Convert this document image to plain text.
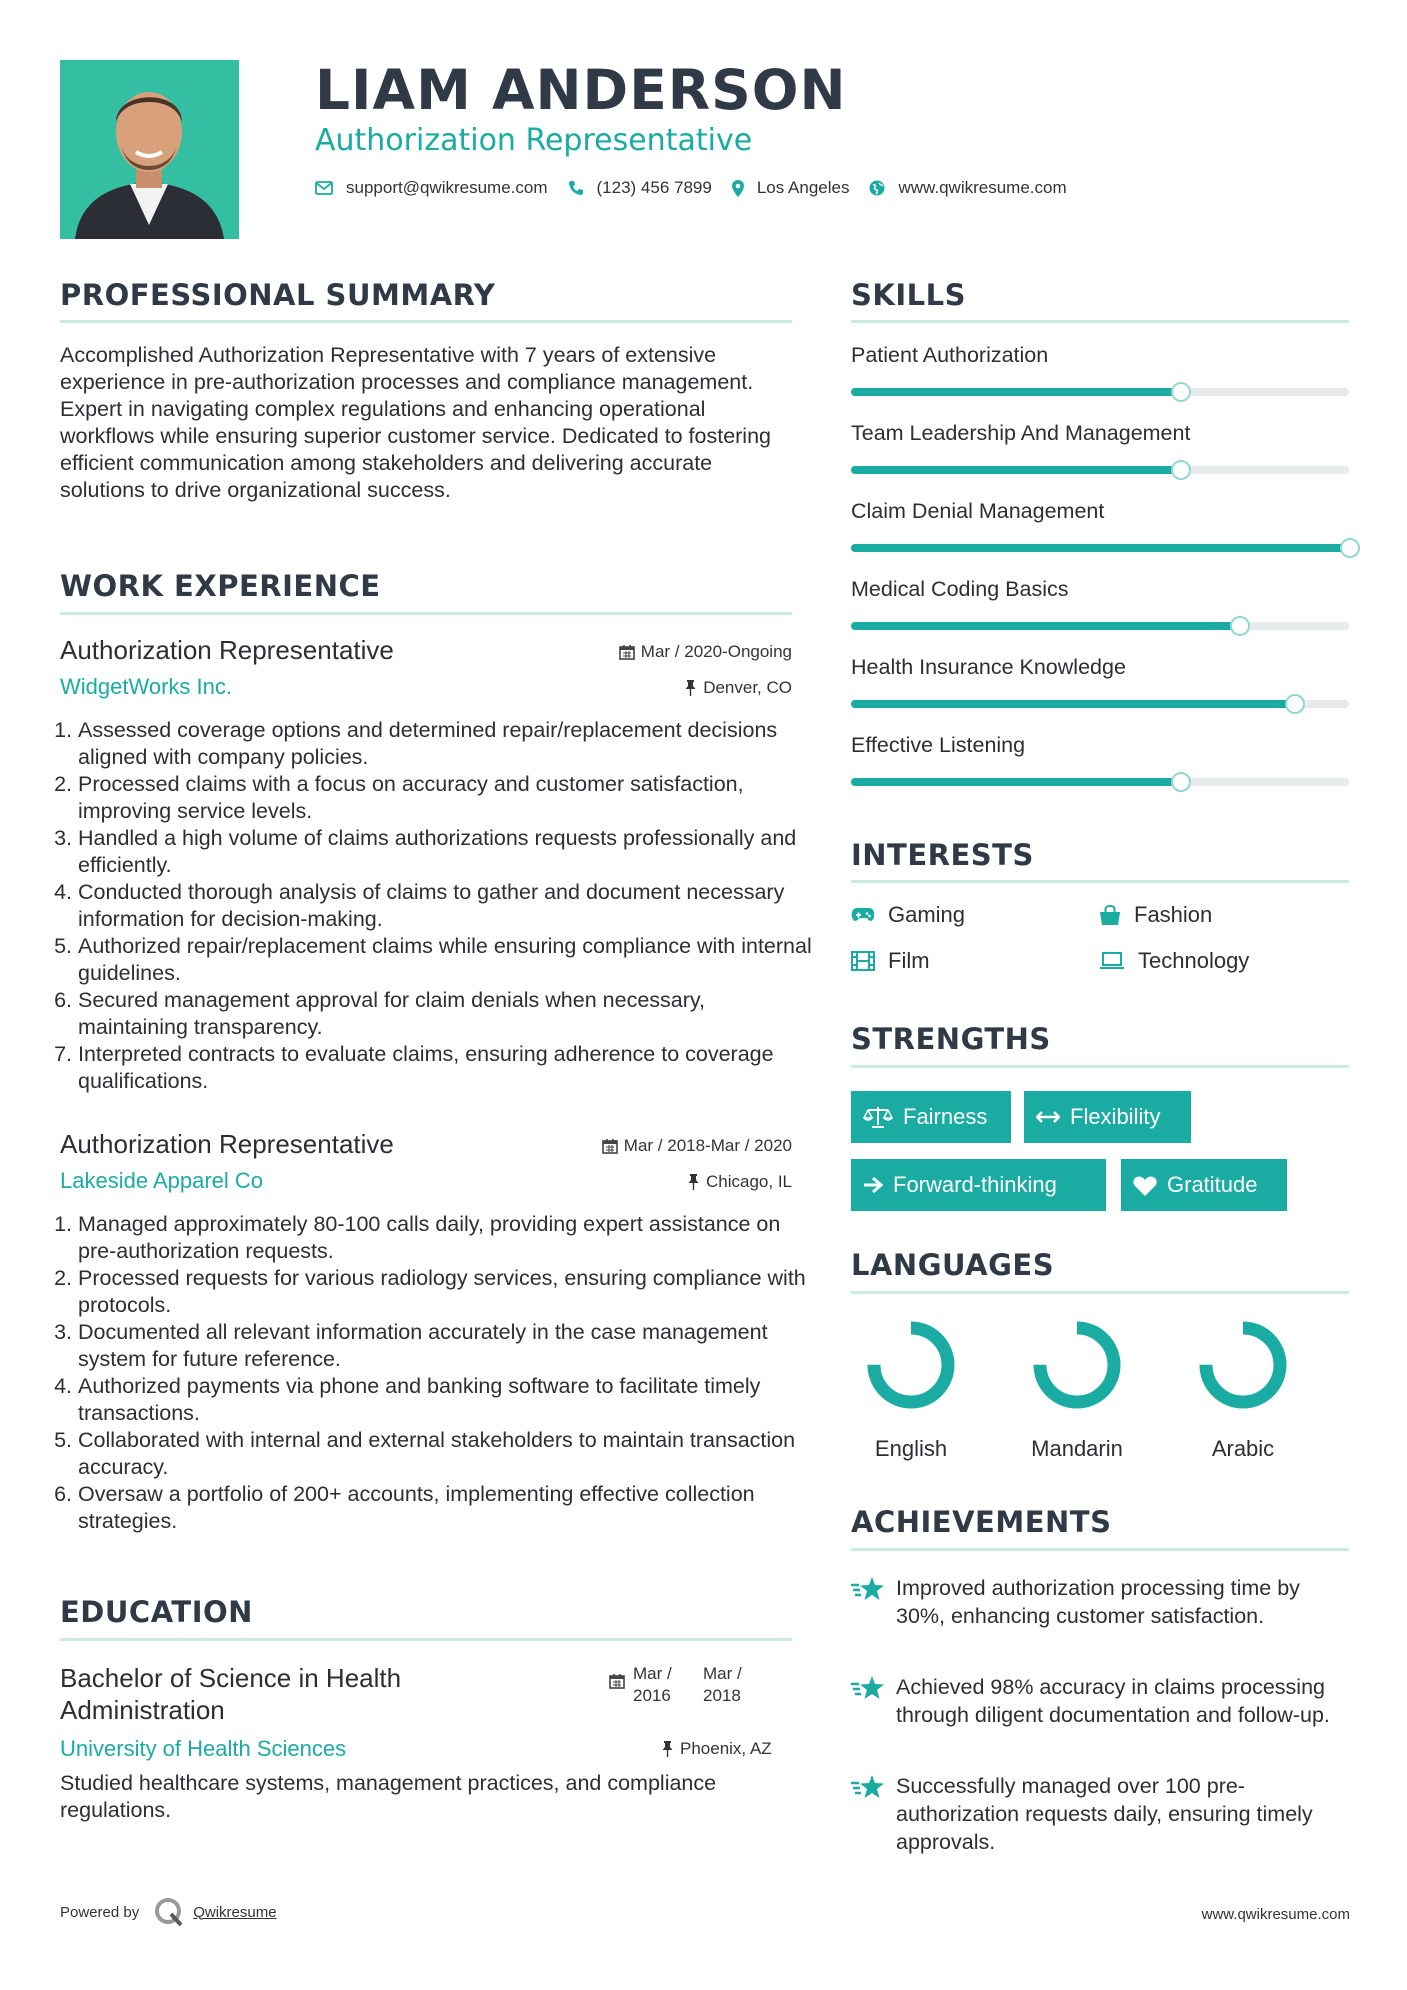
LIAM ANDERSON
Authorization Representative
support@qwikresume.com	(123) 456 7899	Los Angeles	www.qwikresume.com
PROFESSIONAL SUMMARY

Accomplished Authorization Representative with 7 years of extensive experience in pre-authorization processes and compliance management. Expert in navigating complex regulations and enhancing operational workflows while ensuring superior customer service. Dedicated to fostering efficient communication among stakeholders and delivering accurate solutions to drive organizational success.

WORK EXPERIENCE
Authorization Representative	Mar / 2020-Ongoing
WidgetWorks Inc.	Denver, CO
1. Assessed coverage options and determined repair/replacement decisions aligned with company policies.
2. Processed claims with a focus on accuracy and customer satisfaction, improving service levels.
3. Handled a high volume of claims authorizations requests professionally and efficiently.
4. Conducted thorough analysis of claims to gather and document necessary information for decision-making.
5. Authorized repair/replacement claims while ensuring compliance with internal guidelines.
6. Secured management approval for claim denials when necessary, maintaining transparency.
7. Interpreted contracts to evaluate claims, ensuring adherence to coverage qualifications.
Authorization Representative	Mar / 2018-Mar / 2020
Lakeside Apparel Co	Chicago, IL
1. Managed approximately 80-100 calls daily, providing expert assistance on pre-authorization requests.
2. Processed requests for various radiology services, ensuring compliance with protocols.
3. Documented all relevant information accurately in the case management system for future reference.
4. Authorized payments via phone and banking software to facilitate timely transactions.
5. Collaborated with internal and external stakeholders to maintain transaction accuracy.
6. Oversaw a portfolio of 200+ accounts, implementing effective collection strategies.
EDUCATION
Bachelor of Science in Health Administration
Mar / 2016
Mar / 2018
University of Health Sciences	Phoenix, AZ

Studied healthcare systems, management practices, and compliance regulations.

SKILLS
Patient Authorization
Team Leadership And Management
Claim Denial Management
Medical Coding Basics
Health Insurance Knowledge
Effective Listening
INTERESTS
Gaming	Fashion
Film	Technology
STRENGTHS
Fairness	Flexibility
Forward-thinking	Gratitude
LANGUAGES
English	Mandarin	Arabic
ACHIEVEMENTS

Improved authorization processing time by 30%, enhancing customer satisfaction.

Achieved 98% accuracy in claims processing through diligent documentation and follow-up.

Successfully managed over 100 pre-authorization requests daily, ensuring timely approvals.

Powered by	Qwikresume	www.qwikresume.com
